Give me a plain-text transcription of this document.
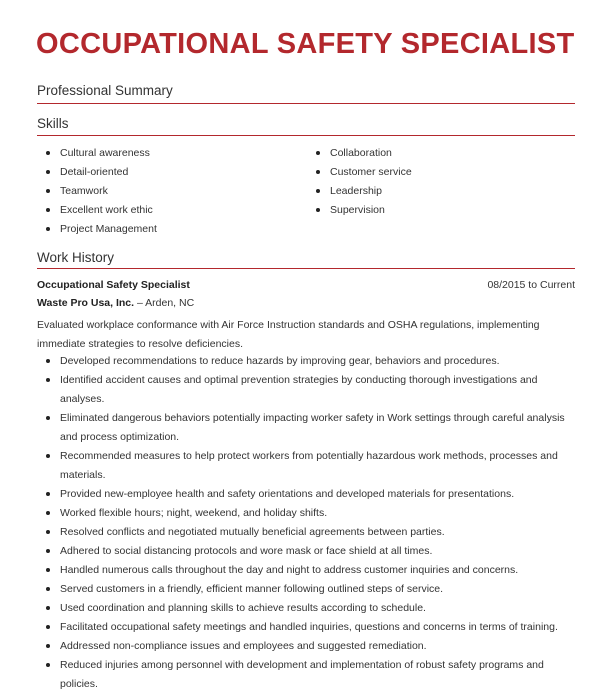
OCCUPATIONAL SAFETY SPECIALIST
Professional Summary
Skills
Cultural awareness
Detail-oriented
Teamwork
Excellent work ethic
Project Management
Collaboration
Customer service
Leadership
Supervision
Work History
Occupational Safety Specialist	08/2015 to Current
Waste Pro Usa, Inc. – Arden, NC
Evaluated workplace conformance with Air Force Instruction standards and OSHA regulations, implementing immediate strategies to resolve deficiencies.
Developed recommendations to reduce hazards by improving gear, behaviors and procedures.
Identified accident causes and optimal prevention strategies by conducting thorough investigations and analyses.
Eliminated dangerous behaviors potentially impacting worker safety in Work settings through careful analysis and process optimization.
Recommended measures to help protect workers from potentially hazardous work methods, processes and materials.
Provided new-employee health and safety orientations and developed materials for presentations.
Worked flexible hours; night, weekend, and holiday shifts.
Resolved conflicts and negotiated mutually beneficial agreements between parties.
Adhered to social distancing protocols and wore mask or face shield at all times.
Handled numerous calls throughout the day and night to address customer inquiries and concerns.
Served customers in a friendly, efficient manner following outlined steps of service.
Used coordination and planning skills to achieve results according to schedule.
Facilitated occupational safety meetings and handled inquiries, questions and concerns in terms of training.
Addressed non-compliance issues and employees and suggested remediation.
Reduced injuries among personnel with development and implementation of robust safety programs and policies.
